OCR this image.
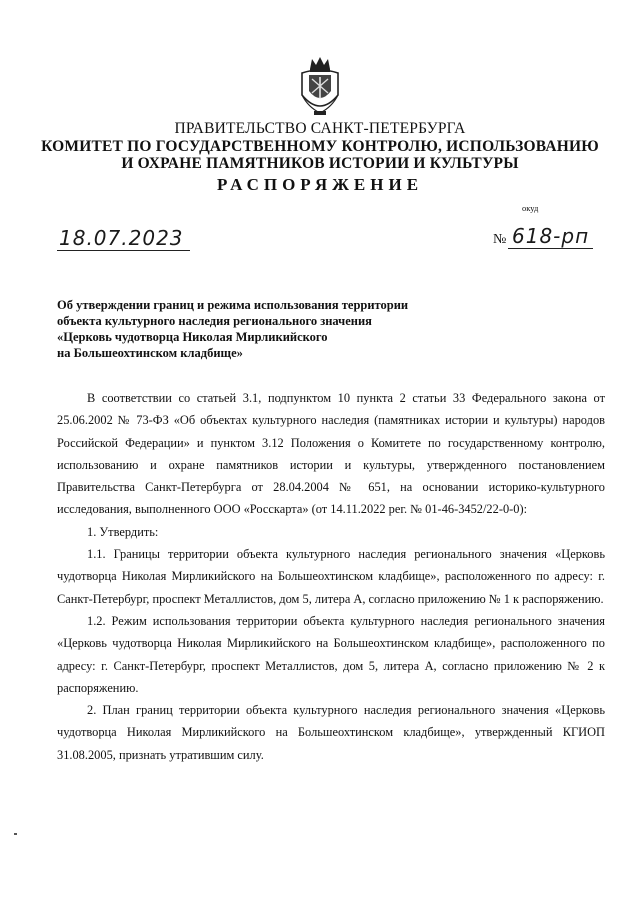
ПРАВИТЕЛЬСТВО САНКТ-ПЕТЕРБУРГА
КОМИТЕТ ПО ГОСУДАРСТВЕННОМУ КОНТРОЛЮ, ИСПОЛЬЗОВАНИЮ
И ОХРАНЕ ПАМЯТНИКОВ ИСТОРИИ И КУЛЬТУРЫ
РАСПОРЯЖЕНИЕ
окуд
18.07.2023	№ 618-рп
Об утверждении границ и режима использования территории
объекта культурного наследия регионального значения
«Церковь чудотворца Николая Мирликийского
на Большеохтинском кладбище»

В соответствии со статьей 3.1, подпунктом 10 пункта 2 статьи 33 Федерального закона от 25.06.2002 № 73-ФЗ «Об объектах культурного наследия (памятниках истории и культуры) народов Российской Федерации» и пунктом 3.12 Положения о Комитете по государственному контролю, использованию и охране памятников истории и культуры, утвержденного постановлением Правительства Санкт-Петербурга от 28.04.2004 № 651, на основании историко-культурного исследования, выполненного ООО «Росскарта» (от 14.11.2022 рег. № 01-46-3452/22-0-0):

1. Утвердить:

1.1. Границы территории объекта культурного наследия регионального значения «Церковь чудотворца Николая Мирликийского на Большеохтинском кладбище», расположенного по адресу: г. Санкт-Петербург, проспект Металлистов, дом 5, литера А, согласно приложению № 1 к распоряжению.

1.2. Режим использования территории объекта культурного наследия регионального значения «Церковь чудотворца Николая Мирликийского на Большеохтинском кладбище», расположенного по адресу: г. Санкт-Петербург, проспект Металлистов, дом 5, литера А, согласно приложению № 2 к распоряжению.

2. План границ территории объекта культурного наследия регионального значения «Церковь чудотворца Николая Мирликийского на Большеохтинском кладбище», утвержденный КГИОП 31.08.2005, признать утратившим силу.
